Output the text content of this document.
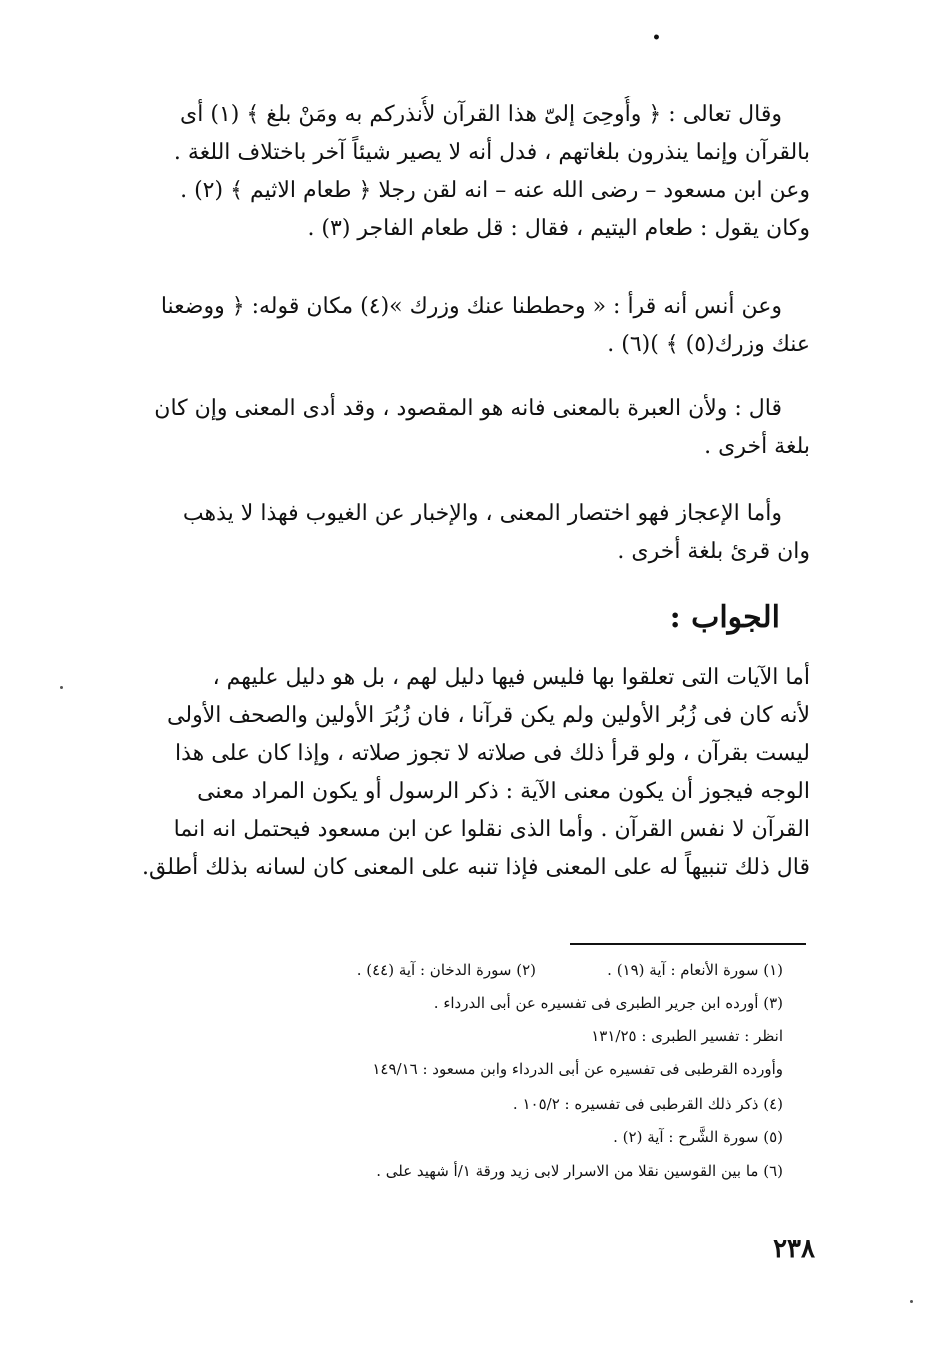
•
وقال تعالى : ﴿ وأُوحِىَ إلىّ هذا القرآن لأُنذركم به ومَنْ بلغ ﴾ (١) أى
بالقرآن وإنما ينذرون بلغاتهم ، فدل أنه لا يصير شيئاً آخر باختلاف اللغة .
وعن ابن مسعود – رضى الله عنه – انه لقن رجلا ﴿ طعام الاثيم ﴾ (٢) .
وكان يقول : طعام اليتيم ، فقال : قل طعام الفاجر (٣) .
وعن أنس أنه قرأ : « وحططنا عنك وزرك »(٤) مكان قوله: ﴿ ووضعنا
عنك وزرك(٥) ﴾ )(٦) .
قال : ولأن العبرة بالمعنى فانه هو المقصود ، وقد أدى المعنى وإن كان
بلغة أخرى .
وأما الإعجاز فهو اختصار المعنى ، والإخبار عن الغيوب فهذا لا يذهب
وان قرئ بلغة أخرى .
الجواب :
أما الآيات التى تعلقوا بها فليس فيها دليل لهم ، بل هو دليل عليهم ،
لأنه كان فى زُبُر الأولين ولم يكن قرآنا ، فان زُبُرَ الأولين والصحف الأولى
ليست بقرآن ، ولو قرأ ذلك فى صلاته لا تجوز صلاته ، وإذا كان على هذا
الوجه فيجوز أن يكون معنى الآية : ذكر الرسول أو يكون المراد معنى
القرآن لا نفس القرآن . وأما الذى نقلوا عن ابن مسعود فيحتمل انه انما
قال ذلك تنبيهاً له على المعنى فإذا تنبه على المعنى كان لسانه بذلك أطلق.
(١) سورة الأنعام : آية (١٩) .
(٢) سورة الدخان : آية (٤٤) .
(٣) أورده ابن جرير الطبرى فى تفسيره عن أبى الدرداء .
انظر : تفسير الطبرى : ١٣١/٢٥
وأورده القرطبى فى تفسيره عن أبى الدرداء وابن مسعود : ١٤٩/١٦
(٤) ذكر ذلك القرطبى فى تفسيره : ١٠٥/٢ .
(٥) سورة الشَّرح : آية (٢) .
(٦) ما بين القوسين نقلا من الاسرار لابى زيد ورقة ١/أ شهيد على .
٢٣٨
